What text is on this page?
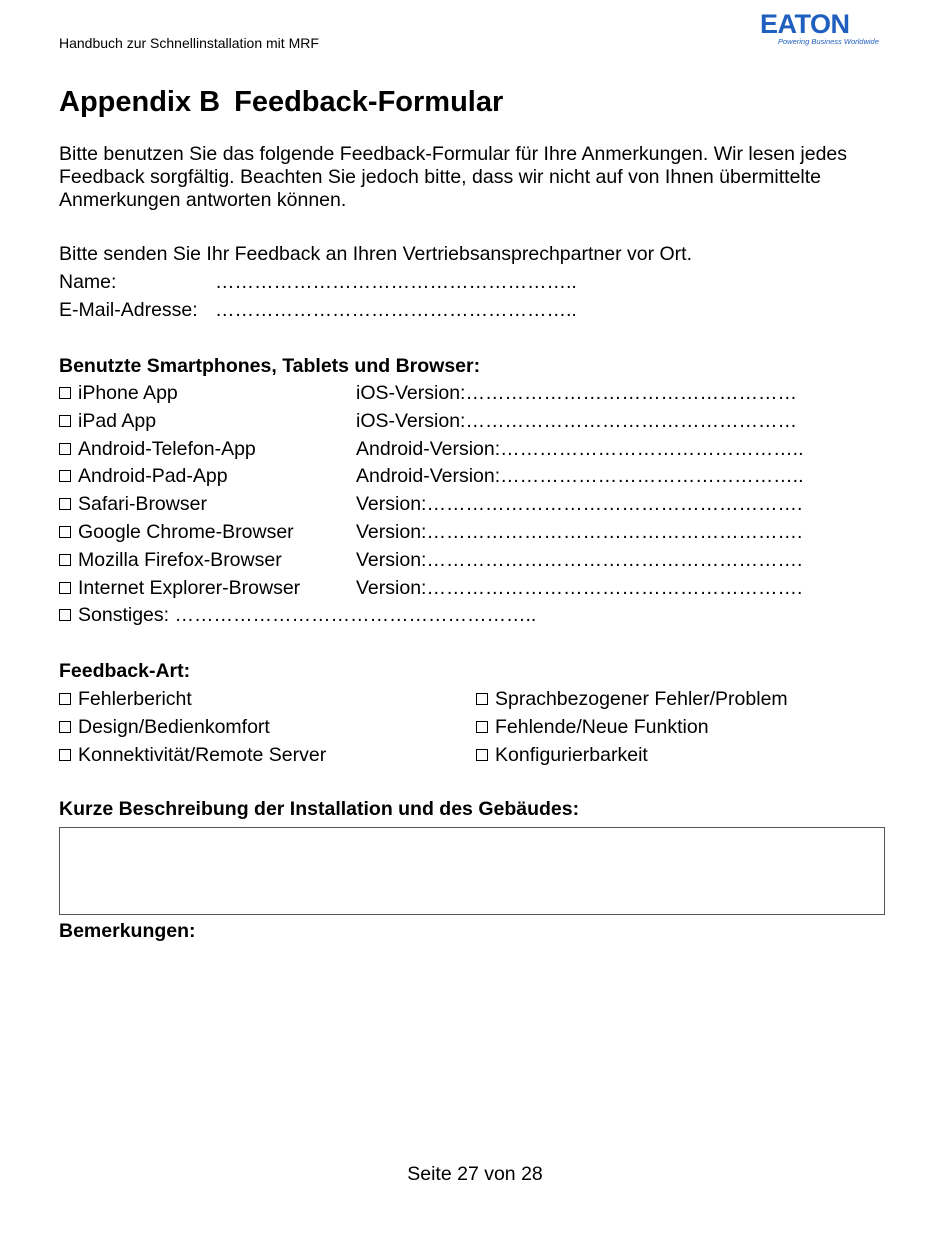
Handbuch zur Schnellinstallation mit MRF
EATON
Powering Business Worldwide
Appendix B Feedback-Formular
Bitte benutzen Sie das folgende Feedback-Formular für Ihre Anmerkungen. Wir lesen jedes Feedback sorgfältig. Beachten Sie jedoch bitte, dass wir nicht auf von Ihnen übermittelte Anmerkungen antworten können.
Bitte senden Sie Ihr Feedback an Ihren Vertriebsansprechpartner vor Ort.
Name:	………………………………………………..
E-Mail-Adresse: ………………………………………………..
Benutzte Smartphones, Tablets und Browser:
iPhone App	iOS-Version:……………………………………………
iPad App	iOS-Version:……………………………………………
Android-Telefon-App	Android-Version:………………………………………..
Android-Pad-App	Android-Version:………………………………………..
Safari-Browser	Version:………………………………………………….
Google Chrome-Browser	Version:………………………………………………….
Mozilla Firefox-Browser	Version:………………………………………………….
Internet Explorer-Browser	Version:………………………………………………….
Sonstiges: ………………………………………………..
Feedback-Art:
Fehlerbericht
Design/Bedienkomfort
Konnektivität/Remote Server
Sprachbezogener Fehler/Problem
Fehlende/Neue Funktion
Konfigurierbarkeit
Kurze Beschreibung der Installation und des Gebäudes:
Bemerkungen:
Seite 27 von 28
